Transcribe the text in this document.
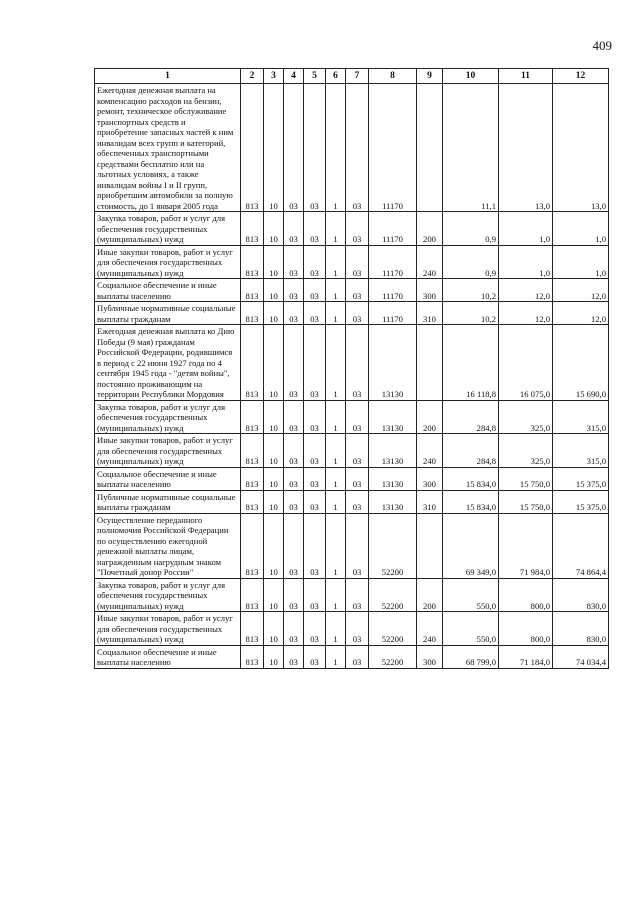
409
1	2	3	4	5	6	7	8	9	10	11	12
Ежегодная денежная выплата на компенсацию расходов на бензин, ремонт, техническое обслуживание транспортных средств и приобретение запасных частей к ним инвалидам всех групп и категорий, обеспеченных транспортными средствами бесплатно или на льготных условиях, а также инвалидам войны I и II групп, приобретшим автомобили за полную стоимость, до 1 января 2005 года	813	10	03	03	1	03	11170		11,1	13,0	13,0
Закупка товаров, работ и услуг для обеспечения государственных (муниципальных) нужд	813	10	03	03	1	03	11170	200	0,9	1,0	1,0
Иные закупки товаров, работ и услуг для обеспечения государственных (муниципальных) нужд	813	10	03	03	1	03	11170	240	0,9	1,0	1,0
Социальное обеспечение и иные выплаты населению	813	10	03	03	1	03	11170	300	10,2	12,0	12,0
Публичные нормативные социальные выплаты гражданам	813	10	03	03	1	03	11170	310	10,2	12,0	12,0
Ежегодная денежная выплата ко Дню Победы (9 мая) гражданам Российской Федерации, родившимся в период с 22 июня 1927 года по 4 сентября 1945 года - "детям войны", постоянно проживающим на территории Республики Мордовия	813	10	03	03	1	03	13130		16 118,8	16 075,0	15 690,0
Закупка товаров, работ и услуг для обеспечения государственных (муниципальных) нужд	813	10	03	03	1	03	13130	200	284,8	325,0	315,0
Иные закупки товаров, работ и услуг для обеспечения государственных (муниципальных) нужд	813	10	03	03	1	03	13130	240	284,8	325,0	315,0
Социальное обеспечение и иные выплаты населению	813	10	03	03	1	03	13130	300	15 834,0	15 750,0	15 375,0
Публичные нормативные социальные выплаты гражданам	813	10	03	03	1	03	13130	310	15 834,0	15 750,0	15 375,0
Осуществление переданного полномочия Российской Федерации по осуществлению ежегодной денежной выплаты лицам, награжденным нагрудным знаком "Почетный донор России"	813	10	03	03	1	03	52200		69 349,0	71 984,0	74 864,4
Закупка товаров, работ и услуг для обеспечения государственных (муниципальных) нужд	813	10	03	03	1	03	52200	200	550,0	800,0	830,0
Иные закупки товаров, работ и услуг для обеспечения государственных (муниципальных) нужд	813	10	03	03	1	03	52200	240	550,0	800,0	830,0
Социальное обеспечение и иные выплаты населению	813	10	03	03	1	03	52200	300	68 799,0	71 184,0	74 034,4
